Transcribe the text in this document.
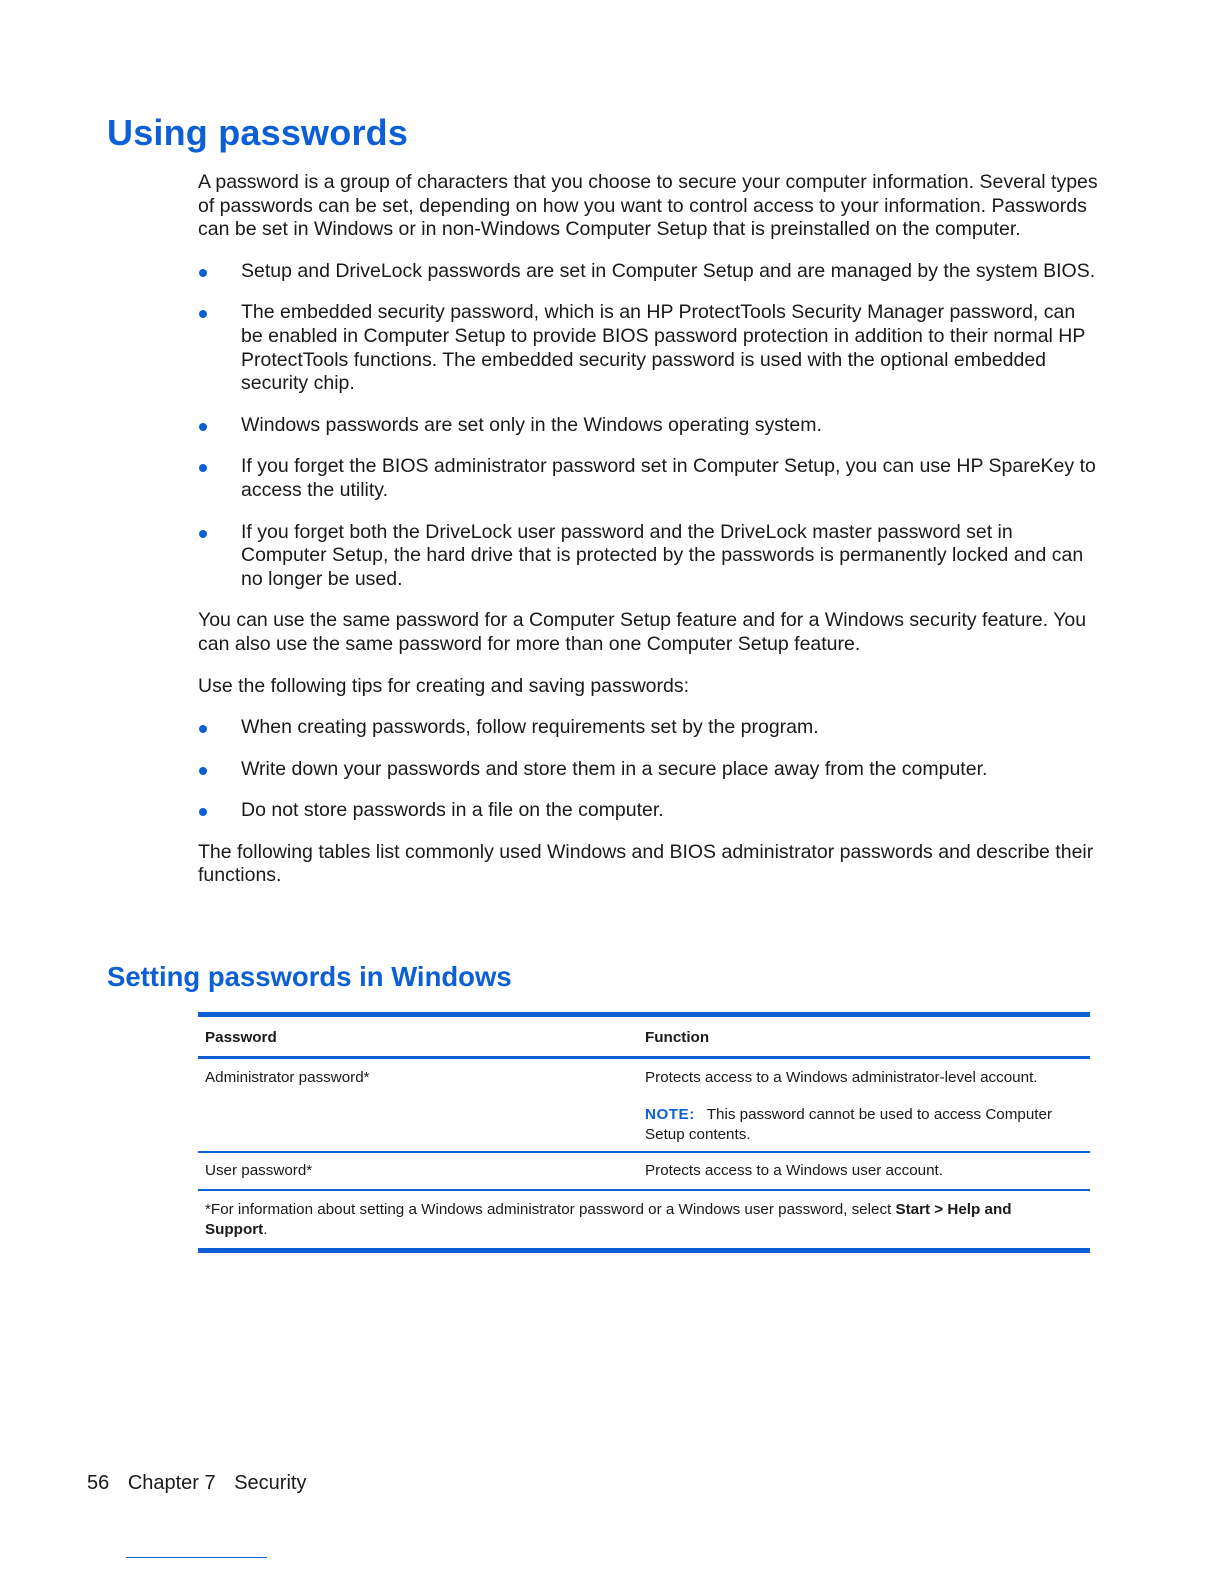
Using passwords

A password is a group of characters that you choose to secure your computer information. Several types of passwords can be set, depending on how you want to control access to your information. Passwords can be set in Windows or in non-Windows Computer Setup that is preinstalled on the computer.

Setup and DriveLock passwords are set in Computer Setup and are managed by the system BIOS.
The embedded security password, which is an HP ProtectTools Security Manager password, can be enabled in Computer Setup to provide BIOS password protection in addition to their normal HP ProtectTools functions. The embedded security password is used with the optional embedded security chip.
Windows passwords are set only in the Windows operating system.
If you forget the BIOS administrator password set in Computer Setup, you can use HP SpareKey to access the utility.
If you forget both the DriveLock user password and the DriveLock master password set in Computer Setup, the hard drive that is protected by the passwords is permanently locked and can no longer be used.

You can use the same password for a Computer Setup feature and for a Windows security feature. You can also use the same password for more than one Computer Setup feature.

Use the following tips for creating and saving passwords:

When creating passwords, follow requirements set by the program.
Write down your passwords and store them in a secure place away from the computer.
Do not store passwords in a file on the computer.

The following tables list commonly used Windows and BIOS administrator passwords and describe their functions.

Setting passwords in Windows
Password	Function
Administrator password*	Protects access to a Windows administrator-level account.
NOTE: This password cannot be used to access Computer Setup contents.
User password*	Protects access to a Windows user account.
*For information about setting a Windows administrator password or a Windows user password, select Start > Help and Support.
56 Chapter 7 Security
